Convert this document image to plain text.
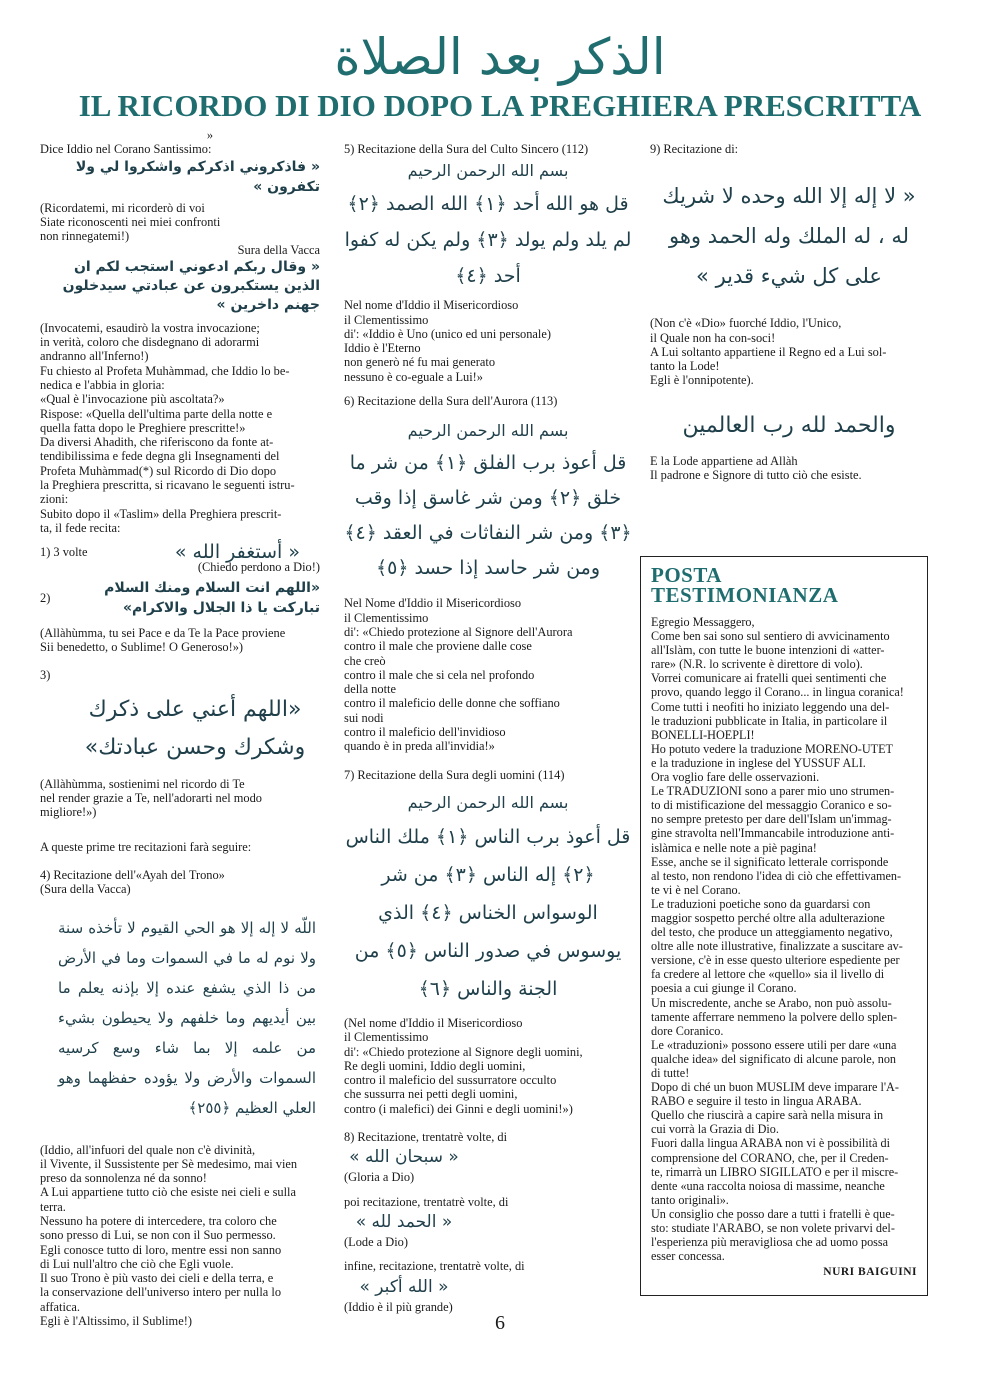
الذكر بعد الصلاة
IL RICORDO DI DIO DOPO LA PREGHIERA PRESCRITTA

»

Dice Iddio nel Corano Santissimo:

« فاذكروني اذكركم واشكروا لي ولا تكفرون »

(Ricordatemi, mi ricorderò di voi
Siate riconoscenti nei miei confronti
non rinnegatemi!)

Sura della Vacca

« وقال ربكم ادعوني استجب لكم ان الذين يستكبرون عن عبادتي سيدخلون جهنم داخرين »

(Invocatemi, esaudirò la vostra invocazione;
in verità, coloro che disdegnano di adorarmi
andranno all'Inferno!)
Fu chiesto al Profeta Muhàmmad, che Iddio lo be-
nedica e l'abbia in gloria:
«Qual è l'invocazione più ascoltata?»
Rispose: «Quella dell'ultima parte della notte e
quella fatta dopo le Preghiere prescritte!»
Da diversi Ahadith, che riferiscono da fonte at-
tendibilissima e fede degna gli Insegnamenti del
Profeta Muhàmmad(*) sul Ricordo di Dio dopo
la Preghiera prescritta, si ricavano le seguenti istru-
zioni:
Subito dopo il «Taslim» della Preghiera prescrit-
ta, il fede recita:

1) 3 volte	« أستغفر الله »

(Chiedo perdono a Dio!)

2)
«اللهم انت السلام ومنك السلام تباركت يا ذا الجلال والاكرام»

(Allàhùmma, tu sei Pace e da Te la Pace proviene
Sii benedetto, o Sublime! O Generoso!»)

3)

«اللهم أعني على ذكرك وشكرك وحسن عبادتك»

(Allàhùmma, sostienimi nel ricordo di Te
nel render grazie a Te, nell'adorarti nel modo
migliore!»)

A queste prime tre recitazioni farà seguire:

4) Recitazione dell'«Ayah del Trono»
(Sura della Vacca)

اللّه لا إله إلا هو الحي القيوم لا تأخذه سنة ولا نوم له ما في السموات وما في الأرض من ذا الذي يشفع عنده إلا بإذنه يعلم ما بين أيديهم وما خلفهم ولا يحيطون بشيء من علمه إلا بما شاء وسع كرسيه السموات والأرض ولا يؤوده حفظهما وهو العلي العظيم ﴿٢٥٥﴾

(Iddio, all'infuori del quale non c'è divinità,
il Vivente, il Sussistente per Sè medesimo, mai vien
preso da sonnolenza né da sonno!
A Lui appartiene tutto ciò che esiste nei cieli e sulla
terra.
Nessuno ha potere di intercedere, tra coloro che
sono presso di Lui, se non con il Suo permesso.
Egli conosce tutto di loro, mentre essi non sanno
di Lui null'altro che ciò che Egli vuole.
Il suo Trono è più vasto dei cieli e della terra, e
la conservazione dell'universo intero per nulla lo
affatica.
Egli è l'Altissimo, il Sublime!)

5) Recitazione della Sura del Culto Sincero (112)

بسم الله الرحمن الرحيم
قل هو الله أحد ﴿١﴾ الله الصمد ﴿٢﴾ لم يلد ولم يولد ﴿٣﴾ ولم يكن له كفوا أحد ﴿٤﴾

Nel nome d'Iddio il Misericordioso
il Clementissimo
di': «Iddio è Uno (unico ed uni personale)
Iddio è l'Eterno
non generò né fu mai generato
nessuno è co-eguale a Lui!»

6) Recitazione della Sura dell'Aurora (113)

بسم الله الرحمن الرحيم
قل أعوذ برب الفلق ﴿١﴾ من شر ما خلق ﴿٢﴾ ومن شر غاسق إذا وقب ﴿٣﴾ ومن شر النفاثات في العقد ﴿٤﴾ ومن شر حاسد إذا حسد ﴿٥﴾

Nel Nome d'Iddio il Misericordioso
il Clementissimo
di': «Chiedo protezione al Signore dell'Aurora
contro il male che proviene dalle cose
che creò
contro il male che si cela nel profondo
della notte
contro il maleficio delle donne che soffiano
sui nodi
contro il maleficio dell'invidioso
quando è in preda all'invidia!»

7) Recitazione della Sura degli uomini (114)

بسم الله الرحمن الرحيم
قل أعوذ برب الناس ﴿١﴾ ملك الناس ﴿٢﴾ إله الناس ﴿٣﴾ من شر الوسواس الخناس ﴿٤﴾ الذي يوسوس في صدور الناس ﴿٥﴾ من الجنة والناس ﴿٦﴾

(Nel nome d'Iddio il Misericordioso
il Clementissimo
di': «Chiedo protezione al Signore degli uomini,
Re degli uomini, Iddio degli uomini,
contro il maleficio del sussurratore occulto
che sussurra nei petti degli uomini,
contro (i malefici) dei Ginni e degli uomini!»)

8) Recitazione, trentatrè volte, di

« سبحان الله »

(Gloria a Dio)

poi recitazione, trentatrè volte, di

« الحمد لله »

(Lode a Dio)

infine, recitazione, trentatrè volte, di

« الله أكبر »

(Iddio è il più grande)

9) Recitazione di:

« لا إله إلا الله وحده لا شريك له ، له الملك وله الحمد وهو على كل شيء قدير »

(Non c'è «Dio» fuorché Iddio, l'Unico,
il Quale non ha con-soci!
A Lui soltanto appartiene il Regno ed a Lui sol-
tanto la Lode!
Egli è l'onnipotente).

والحمد لله رب العالمين

E la Lode appartiene ad Allàh
Il padrone e Signore di tutto ciò che esiste.

POSTA
TESTIMONIANZA

Egregio Messaggero,
Come ben sai sono sul sentiero di avvicinamento
all'Islàm, con tutte le buone intenzioni di «atter-
rare» (N.R. lo scrivente è direttore di volo).
Vorrei comunicare ai fratelli quei sentimenti che
provo, quando leggo il Corano... in lingua coranica!
Come tutti i neofiti ho iniziato leggendo una del-
le traduzioni pubblicate in Italia, in particolare il
BONELLI-HOEPLI!
Ho potuto vedere la traduzione MORENO-UTET
e la traduzione in inglese del YUSSUF ALI.
Ora voglio fare delle osservazioni.
Le TRADUZIONI sono a parer mio uno strumen-
to di mistificazione del messaggio Coranico e so-
no sempre pretesto per dare dell'Islam un'immag-
gine stravolta nell'Immancabile introduzione anti-
islàmica e nelle note a piè pagina!
Esse, anche se il significato letterale corrisponde
al testo, non rendono l'idea di ciò che effettivamen-
te vi è nel Corano.
Le traduzioni poetiche sono da guardarsi con
maggior sospetto perché oltre alla adulterazione
del testo, che produce un atteggiamento negativo,
oltre alle note illustrative, finalizzate a suscitare av-
versione, c'è in esse questo ulteriore espediente per
fa credere al lettore che «quello» sia il livello di
poesia a cui giunge il Corano.
Un miscredente, anche se Arabo, non può assolu-
tamente afferrare nemmeno la polvere dello splen-
dore Coranico.
Le «traduzioni» possono essere utili per dare «una
qualche idea» del significato di alcune parole, non
di tutte!
Dopo di ché un buon MUSLIM deve imparare l'A-
RABO e seguire il testo in lingua ARABA.
Quello che riuscirà a capire sarà nella misura in
cui vorrà la Grazia di Dio.
Fuori dalla lingua ARABA non vi è possibilità di
comprensione del CORANO, che, per il Creden-
te, rimarrà un LIBRO SIGILLATO e per il miscre-
dente «una raccolta noiosa di massime, neanche
tanto originali».
Un consiglio che posso dare a tutti i fratelli è que-
sto: studiate l'ARABO, se non volete privarvi del-
l'esperienza più meravigliosa che ad uomo possa
esser concessa.

NURI BAIGUINI
6
